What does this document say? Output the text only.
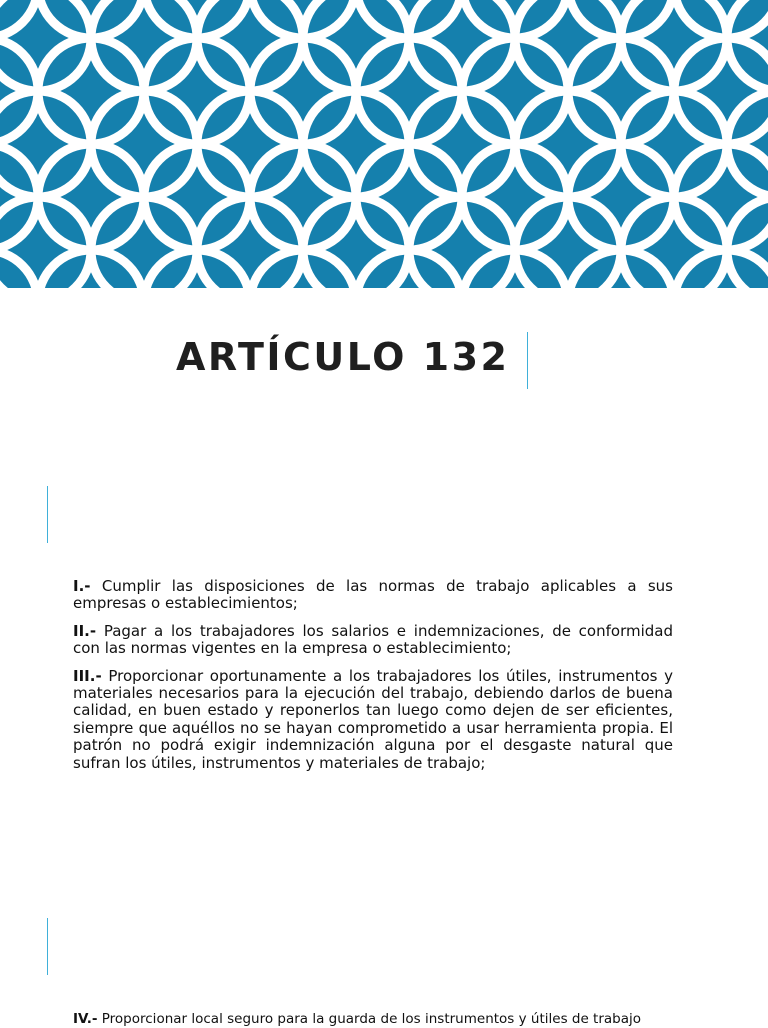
ARTÍCULO 132

I.- Cumplir las disposiciones de las normas de trabajo aplicables a sus empresas o establecimientos;

II.- Pagar a los trabajadores los salarios e indemnizaciones, de conformidad con las normas vigentes en la empresa o establecimiento;

III.- Proporcionar oportunamente a los trabajadores los útiles, instrumentos y materiales necesarios para la ejecución del trabajo, debiendo darlos de buena calidad, en buen estado y reponerlos tan luego como dejen de ser eficientes, siempre que aquéllos no se hayan comprometido a usar herramienta propia. El patrón no podrá exigir indemnización alguna por el desgaste natural que sufran los útiles, instrumentos y materiales de trabajo;

IV.- Proporcionar local seguro para la guarda de los instrumentos y útiles de trabajo
